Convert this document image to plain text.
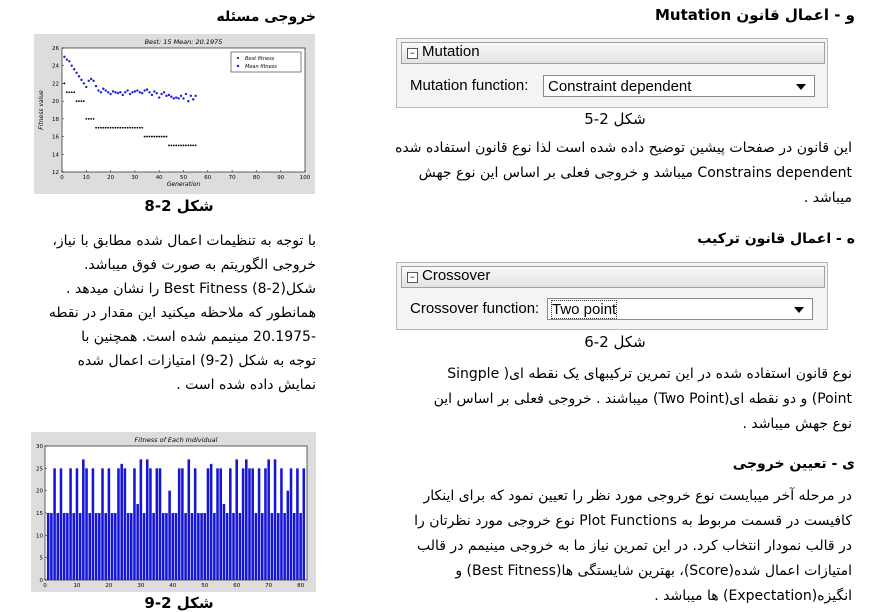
و - اعمال قانون Mutation
− Mutation
Mutation function:	Constraint dependent
شکل 2-5
این قانون در صفحات پیشین توضیح داده شده است لذا نوع قانون استفاده شده
Constrains dependent میباشد و خروجی فعلی بر اساس این نوع جهش
میباشد .
ه - اعمال قانون ترکیب
− Crossover
Crossover function: Two point
شکل 2-6
نوع قانون استفاده شده در این تمرین ترکیبهای یک نقطه ای( Singple
Point) و دو نقطه ای(Two Point) میباشند . خروجی فعلی بر اساس این
نوع جهش میباشد .
ی - تعیین خروجی
در مرحله آخر میبایست نوع خروجی مورد نظر را تعیین نمود که برای اینکار
کافیست در قسمت مربوط به Plot Functions نوع خروجی مورد نظرتان را
در قالب نمودار انتخاب کرد. در این تمرین نیاز ما به خروجی مینیمم در قالب
امتیازات اعمال شده(Score)، بهترین شایستگی ها(Best Fitness) و
انگیزه(Expectation) ها میباشد .
خروجی مسئله
Best: 15 Mean: 20.1975
0	10	20	30	40	50	60	70	80	90	100
12
14
16
18
20
22
24
26
Generation
Fitness value
Best fitness
Mean fitness
شکل 2-8
با توجه به تنظیمات اعمال شده مطابق با نیاز،
خروجی الگوریتم به صورت فوق میباشد.
شکل(2-8) Best Fitness را نشان میدهد .
همانطور که ملاحظه میکنید این مقدار در نقطه
-20.1975 مینیمم شده است. همچنین با
توجه به شکل (2-9) امتیازات اعمال شده
نمایش داده شده است .
Fitness of Each Individual
0
5
10
15
20
25
30
0	10	20	30	40	50	60	70	80
شکل 2-9
